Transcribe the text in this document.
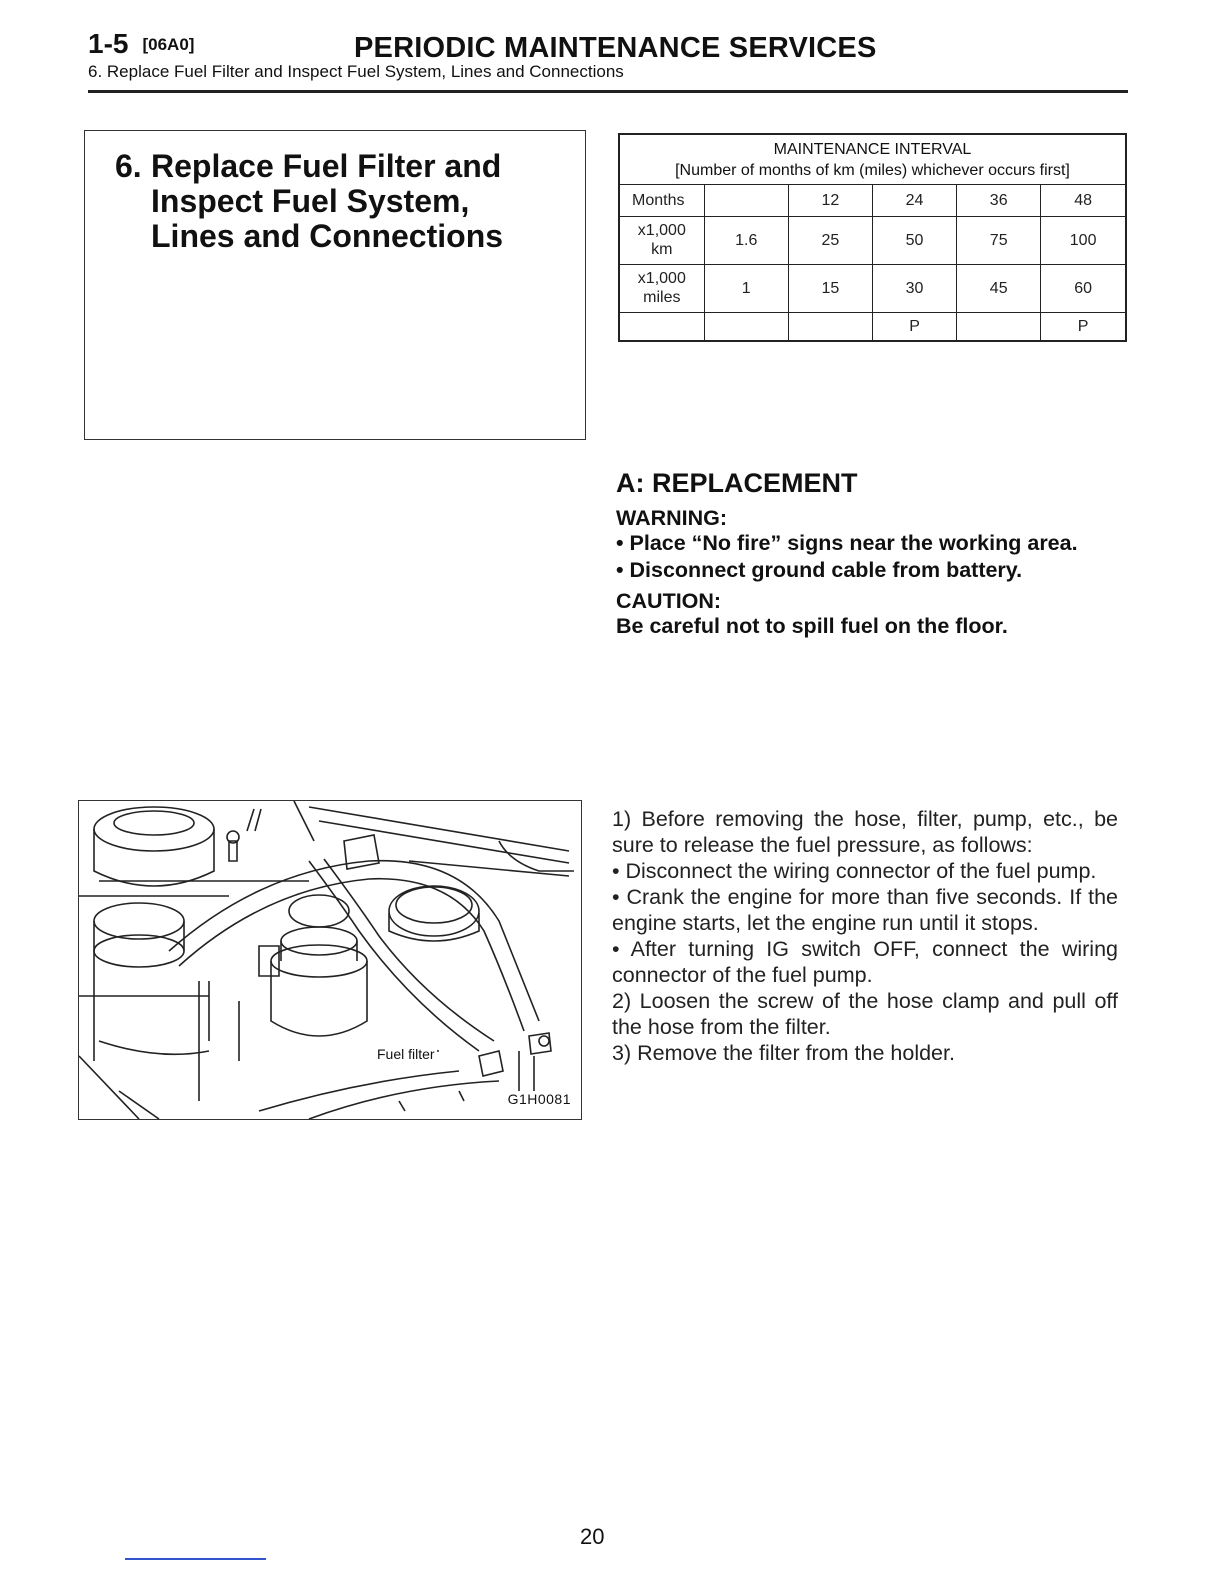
1-5 [06A0]	PERIODIC MAINTENANCE SERVICES
6. Replace Fuel Filter and Inspect Fuel System, Lines and Connections
6. Replace Fuel Filter and
Inspect Fuel System,
Lines and Connections
MAINTENANCE INTERVAL
[Number of months of km (miles) whichever occurs first]
Months		12	24	36	48
x1,000 km	1.6	25	50	75	100
x1,000 miles	1	15	30	45	60
			P		P
A: REPLACEMENT

WARNING:

• Place “No fire” signs near the working area.

• Disconnect ground cable from battery.

CAUTION:

Be careful not to spill fuel on the floor.

Fuel filter
G1H0081

1) Before removing the hose, filter, pump, etc., be sure to release the fuel pressure, as follows:

• Disconnect the wiring connector of the fuel pump.

• Crank the engine for more than five seconds. If the engine starts, let the engine run until it stops.

• After turning IG switch OFF, connect the wiring connector of the fuel pump.

2) Loosen the screw of the hose clamp and pull off the hose from the filter.

3) Remove the filter from the holder.

20
